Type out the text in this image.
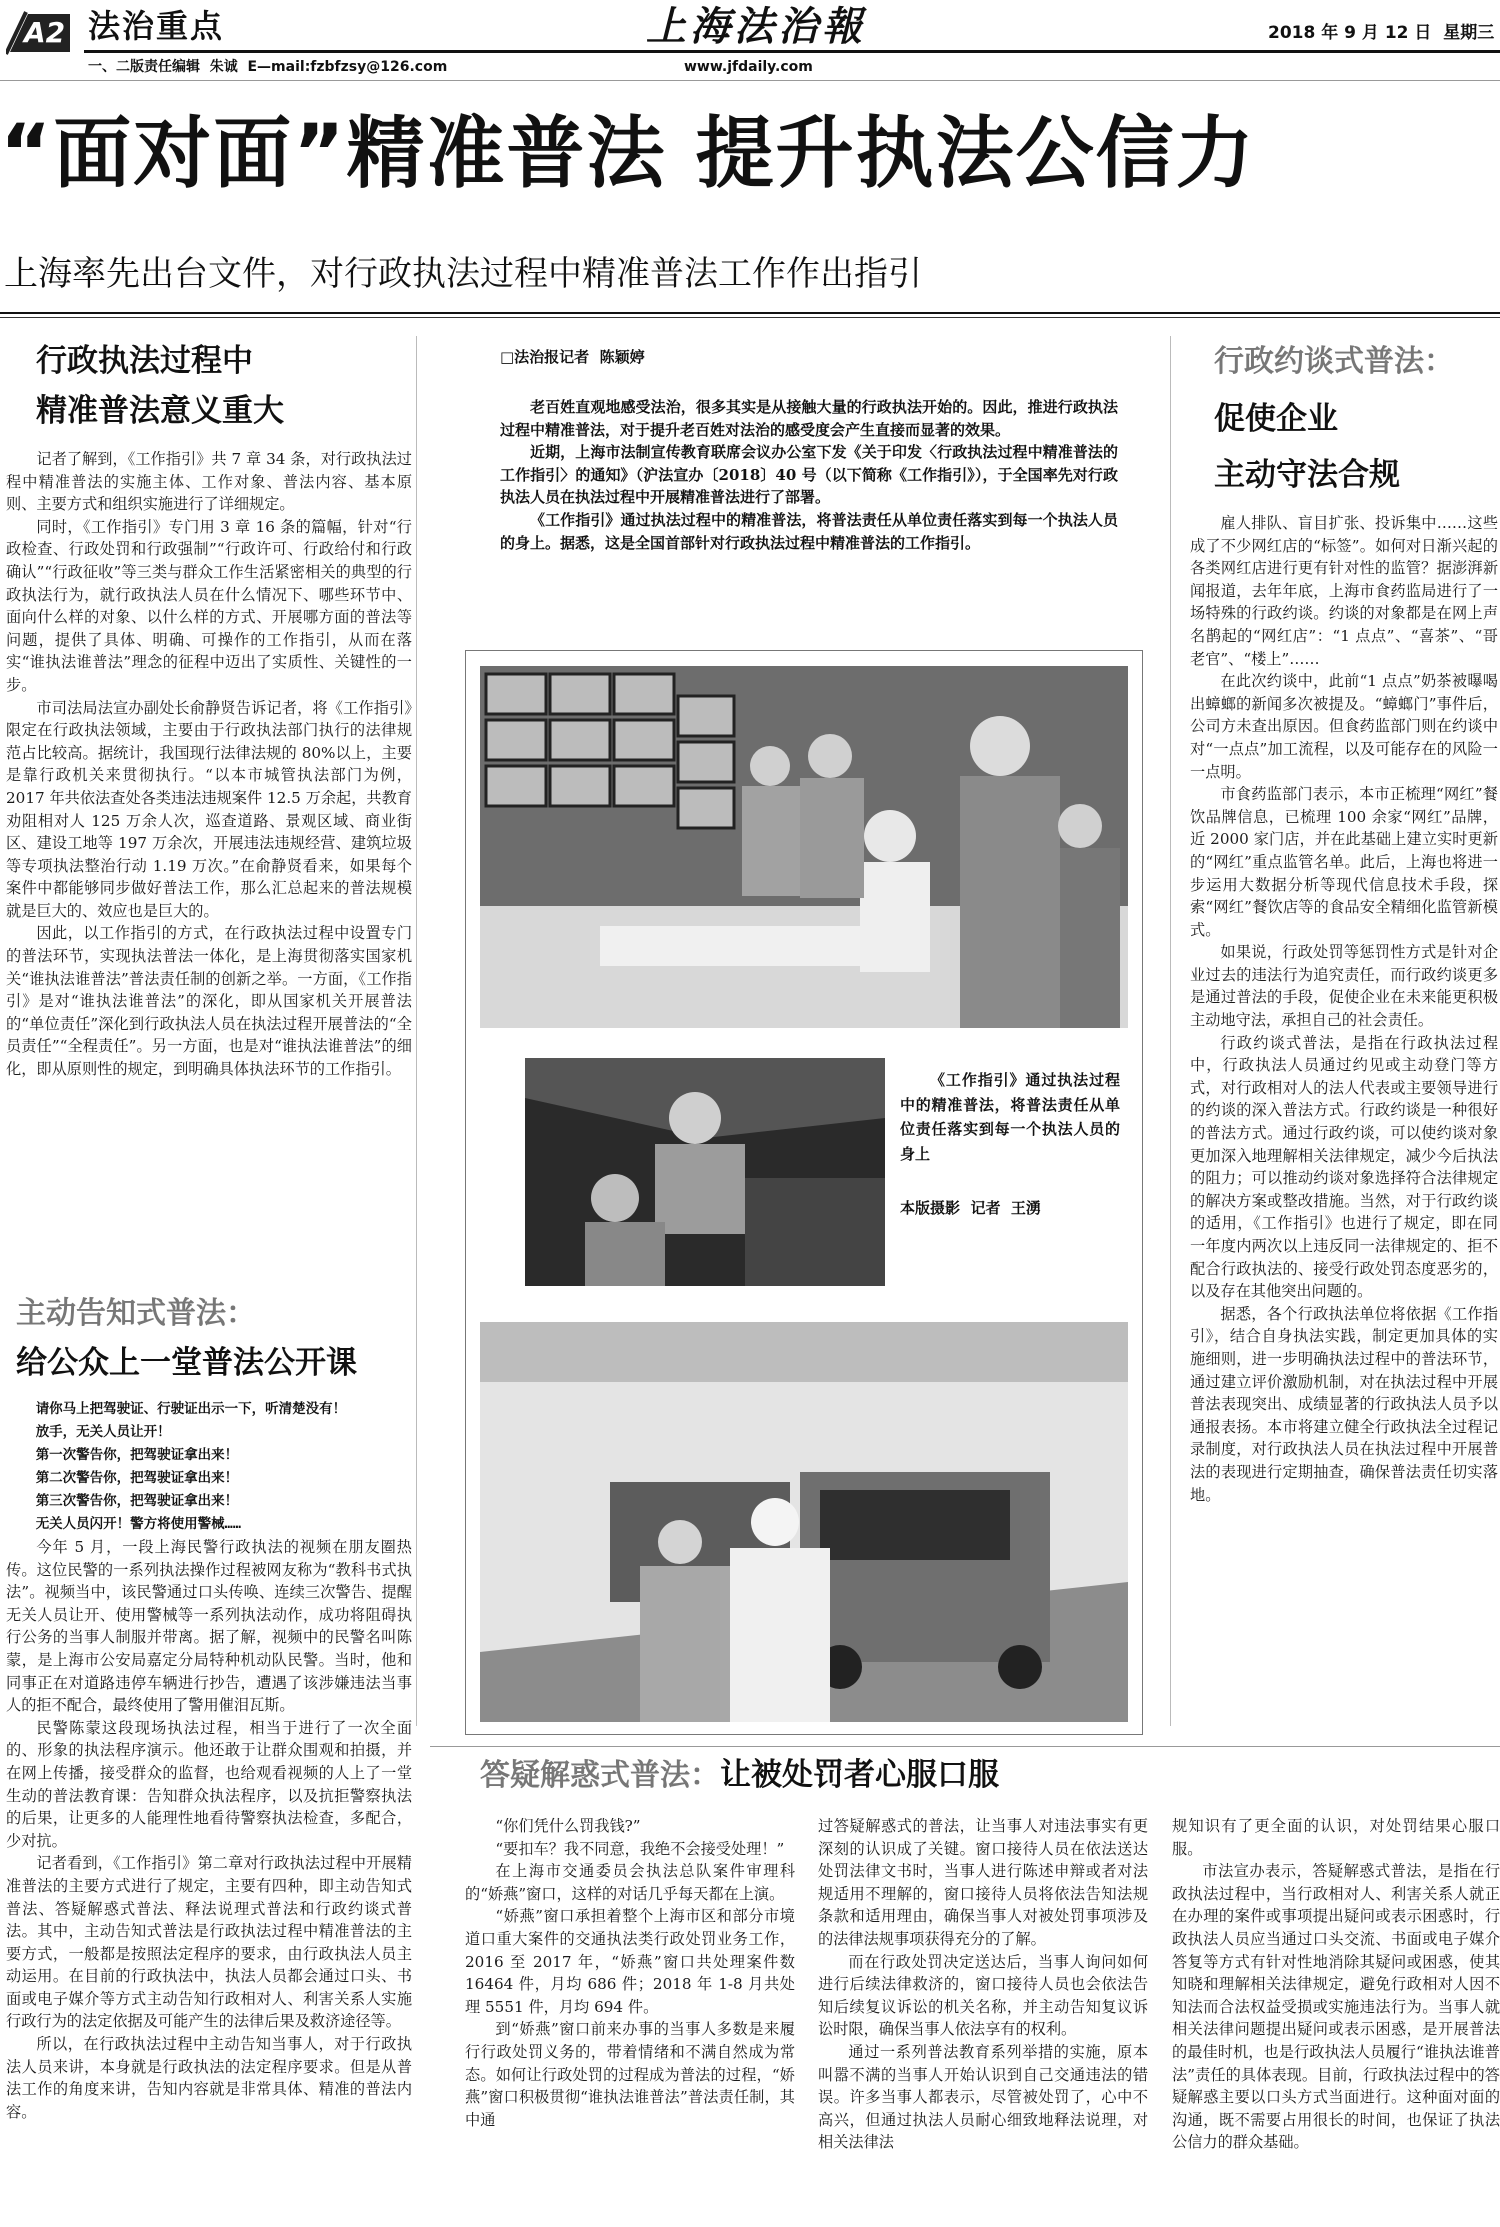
A2 法治重点	上海法治報	2018 年 9 月 12 日 星期三
一、二版责任编辑  朱诚  E—mail:fzbfzsy@126.com	www.jfdaily.com
“面对面”精准普法 提升执法公信力
上海率先出台文件，对行政执法过程中精准普法工作作出指引
行政执法过程中
精准普法意义重大

记者了解到，《工作指引》共 7 章 34 条，对行政执法过程中精准普法的实施主体、工作对象、普法内容、基本原则、主要方式和组织实施进行了详细规定。

同时，《工作指引》专门用 3 章 16 条的篇幅，针对“行政检查、行政处罚和行政强制”“行政许可、行政给付和行政确认”“行政征收”等三类与群众工作生活紧密相关的典型的行政执法行为，就行政执法人员在什么情况下、哪些环节中、面向什么样的对象、以什么样的方式、开展哪方面的普法等问题，提供了具体、明确、可操作的工作指引，从而在落实“谁执法谁普法”理念的征程中迈出了实质性、关键性的一步。

市司法局法宣办副处长俞静贤告诉记者，将《工作指引》限定在行政执法领域，主要由于行政执法部门执行的法律规范占比较高。据统计，我国现行法律法规的 80%以上，主要是靠行政机关来贯彻执行。“以本市城管执法部门为例，2017 年共依法查处各类违法违规案件 12.5 万余起，共教育劝阻相对人 125 万余人次，巡查道路、景观区域、商业街区、建设工地等 197 万余次，开展违法违规经营、建筑垃圾等专项执法整治行动 1.19 万次。”在俞静贤看来，如果每个案件中都能够同步做好普法工作，那么汇总起来的普法规模就是巨大的、效应也是巨大的。

因此，以工作指引的方式，在行政执法过程中设置专门的普法环节，实现执法普法一体化，是上海贯彻落实国家机关“谁执法谁普法”普法责任制的创新之举。一方面，《工作指引》是对“谁执法谁普法”的深化，即从国家机关开展普法的“单位责任”深化到行政执法人员在执法过程开展普法的“全员责任”“全程责任”。另一方面，也是对“谁执法谁普法”的细化，即从原则性的规定，到明确具体执法环节的工作指引。

主动告知式普法：
给公众上一堂普法公开课
请你马上把驾驶证、行驶证出示一下，听清楚没有！
放手，无关人员让开！
第一次警告你，把驾驶证拿出来！
第二次警告你，把驾驶证拿出来！
第三次警告你，把驾驶证拿出来！
无关人员闪开！警方将使用警械……

今年 5 月，一段上海民警行政执法的视频在朋友圈热传。这位民警的一系列执法操作过程被网友称为“教科书式执法”。视频当中，该民警通过口头传唤、连续三次警告、提醒无关人员让开、使用警械等一系列执法动作，成功将阻碍执行公务的当事人制服并带离。据了解，视频中的民警名叫陈蒙，是上海市公安局嘉定分局特种机动队民警。当时，他和同事正在对道路违停车辆进行抄告，遭遇了该涉嫌违法当事人的拒不配合，最终使用了警用催泪瓦斯。

民警陈蒙这段现场执法过程，相当于进行了一次全面的、形象的执法程序演示。他还敢于让群众围观和拍摄，并在网上传播，接受群众的监督，也给观看视频的人上了一堂生动的普法教育课：告知群众执法程序，以及抗拒警察执法的后果，让更多的人能理性地看待警察执法检查，多配合，少对抗。

记者看到，《工作指引》第二章对行政执法过程中开展精准普法的主要方式进行了规定，主要有四种，即主动告知式普法、答疑解惑式普法、释法说理式普法和行政约谈式普法。其中，主动告知式普法是行政执法过程中精准普法的主要方式，一般都是按照法定程序的要求，由行政执法人员主动运用。在目前的行政执法中，执法人员都会通过口头、书面或电子媒介等方式主动告知行政相对人、利害关系人实施行政行为的法定依据及可能产生的法律后果及救济途径等。

所以，在行政执法过程中主动告知当事人，对于行政执法人员来讲，本身就是行政执法的法定程序要求。但是从普法工作的角度来讲，告知内容就是非常具体、精准的普法内容。

□法治报记者  陈颖婷

老百姓直观地感受法治，很多其实是从接触大量的行政执法开始的。因此，推进行政执法过程中精准普法，对于提升老百姓对法治的感受度会产生直接而显著的效果。

近期，上海市法制宣传教育联席会议办公室下发《关于印发〈行政执法过程中精准普法的工作指引〉的通知》（沪法宣办〔2018〕40 号（以下简称《工作指引》），于全国率先对行政执法人员在执法过程中开展精准普法进行了部署。

《工作指引》通过执法过程中的精准普法，将普法责任从单位责任落实到每一个执法人员的身上。据悉，这是全国首部针对行政执法过程中精准普法的工作指引。

《工作指引》通过执法过程中的精准普法，将普法责任从单位责任落实到每一个执法人员的身上
本版摄影  记者  王湧
行政约谈式普法：
促使企业
主动守法合规

雇人排队、盲目扩张、投诉集中……这些成了不少网红店的“标签”。如何对日渐兴起的各类网红店进行更有针对性的监管？据澎湃新闻报道，去年年底，上海市食药监局进行了一场特殊的行政约谈。约谈的对象都是在网上声名鹊起的“网红店”：“1 点点”、“喜茶”、“哥老官”、“楼上”……

在此次约谈中，此前“1 点点”奶茶被曝喝出蟑螂的新闻多次被提及。“蟑螂门”事件后，公司方未查出原因。但食药监部门则在约谈中对“一点点”加工流程，以及可能存在的风险一一点明。

市食药监部门表示，本市正梳理“网红”餐饮品牌信息，已梳理 100 余家“网红”品牌，近 2000 家门店，并在此基础上建立实时更新的“网红”重点监管名单。此后，上海也将进一步运用大数据分析等现代信息技术手段，探索“网红”餐饮店等的食品安全精细化监管新模式。

如果说，行政处罚等惩罚性方式是针对企业过去的违法行为追究责任，而行政约谈更多是通过普法的手段，促使企业在未来能更积极主动地守法，承担自己的社会责任。

行政约谈式普法，是指在行政执法过程中，行政执法人员通过约见或主动登门等方式，对行政相对人的法人代表或主要领导进行的约谈的深入普法方式。行政约谈是一种很好的普法方式。通过行政约谈，可以使约谈对象更加深入地理解相关法律规定，减少今后执法的阻力；可以推动约谈对象选择符合法律规定的解决方案或整改措施。当然，对于行政约谈的适用，《工作指引》也进行了规定，即在同一年度内两次以上违反同一法律规定的、拒不配合行政执法的、接受行政处罚态度恶劣的，以及存在其他突出问题的。

据悉，各个行政执法单位将依据《工作指引》，结合自身执法实践，制定更加具体的实施细则，进一步明确执法过程中的普法环节，通过建立评价激励机制，对在执法过程中开展普法表现突出、成绩显著的行政执法人员予以通报表扬。本市将建立健全行政执法全过程记录制度，对行政执法人员在执法过程中开展普法的表现进行定期抽查，确保普法责任切实落地。

答疑解惑式普法：让被处罚者心服口服

“你们凭什么罚我钱?”

“要扣车？我不同意，我绝不会接受处理！”

在上海市交通委员会执法总队案件审理科的“娇燕”窗口，这样的对话几乎每天都在上演。

“娇燕”窗口承担着整个上海市区和部分市境道口重大案件的交通执法类行政处罚业务工作，2016 至 2017 年，“娇燕”窗口共处理案件数 16464 件，月均 686 件；2018 年 1-8 月共处理 5551 件，月均 694 件。

到“娇燕”窗口前来办事的当事人多数是来履行行政处罚义务的，带着情绪和不满自然成为常态。如何让行政处罚的过程成为普法的过程，“娇燕”窗口积极贯彻“谁执法谁普法”普法责任制，其中通

过答疑解惑式的普法，让当事人对违法事实有更深刻的认识成了关键。窗口接待人员在依法送达处罚法律文书时，当事人进行陈述申辩或者对法规适用不理解的，窗口接待人员将依法告知法规条款和适用理由，确保当事人对被处罚事项涉及的法律法规事项获得充分的了解。

而在行政处罚决定送达后，当事人询问如何进行后续法律救济的，窗口接待人员也会依法告知后续复议诉讼的机关名称，并主动告知复议诉讼时限，确保当事人依法享有的权利。

通过一系列普法教育系列举措的实施，原本叫嚣不满的当事人开始认识到自己交通违法的错误。许多当事人都表示，尽管被处罚了，心中不高兴，但通过执法人员耐心细致地释法说理，对相关法律法

规知识有了更全面的认识，对处罚结果心服口服。

市法宣办表示，答疑解惑式普法，是指在行政执法过程中，当行政相对人、利害关系人就正在办理的案件或事项提出疑问或表示困惑时，行政执法人员应当通过口头交流、书面或电子媒介答复等方式有针对性地消除其疑问或困惑，使其知晓和理解相关法律规定，避免行政相对人因不知法而合法权益受损或实施违法行为。当事人就相关法律问题提出疑问或表示困惑，是开展普法的最佳时机，也是行政执法人员履行“谁执法谁普法”责任的具体表现。目前，行政执法过程中的答疑解惑主要以口头方式当面进行。这种面对面的沟通，既不需要占用很长的时间，也保证了执法公信力的群众基础。
